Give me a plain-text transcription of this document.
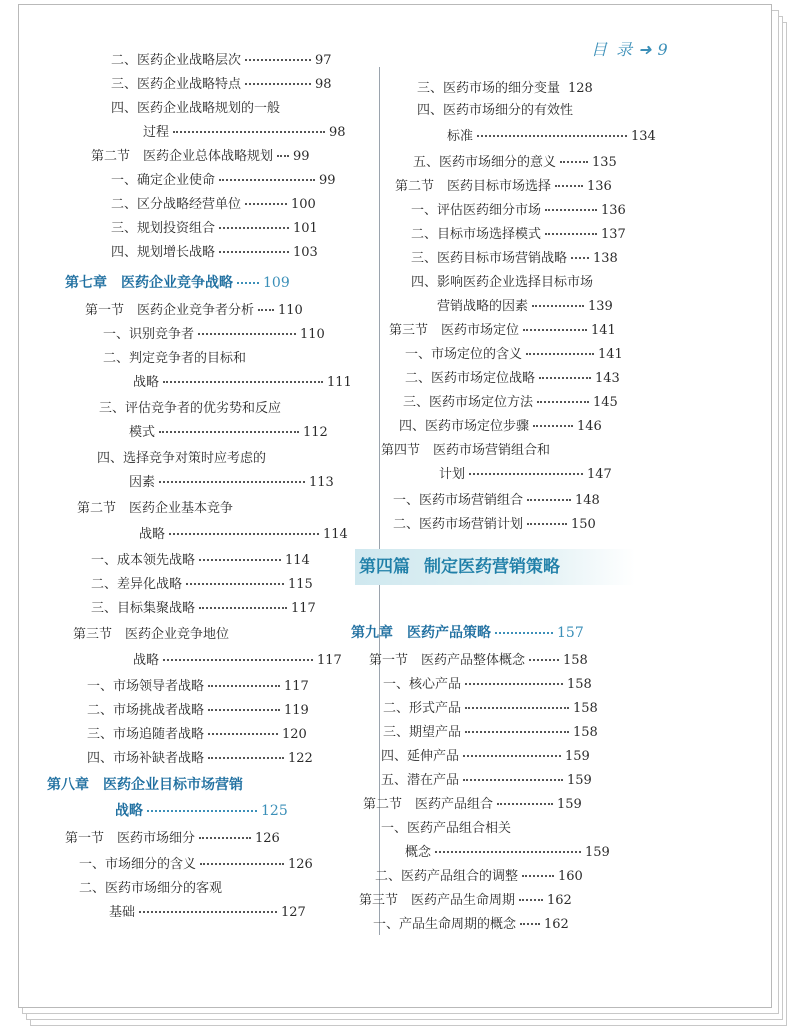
目 录 ➜ 9
二、医药企业战略层次	97
三、医药企业战略特点	98
四、医药企业战略规划的一般
过程	98
第二节　医药企业总体战略规划 99
一、确定企业使命	99
二、区分战略经营单位	100
三、规划投资组合	101
四、规划增长战略	103
第七章　医药企业竞争战略 109
第一节　医药企业竞争者分析 110
一、识别竞争者	110
二、判定竞争者的目标和
战略	111
三、评估竞争者的优劣势和反应
模式	112
四、选择竞争对策时应考虑的
因素	113
第二节　医药企业基本竞争
战略	114
一、成本领先战略	114
二、差异化战略	115
三、目标集聚战略	117
第三节　医药企业竞争地位
战略	117
一、市场领导者战略	117
二、市场挑战者战略	119
三、市场追随者战略	120
四、市场补缺者战略	122
第八章　医药企业目标市场营销
战略	125
第一节　医药市场细分	126
一、市场细分的含义	126
二、医药市场细分的客观
基础	127
三、医药市场的细分变量 128
四、医药市场细分的有效性
标准	134
五、医药市场细分的意义	135
第二节　医药目标市场选择	136
一、评估医药细分市场	136
二、目标市场选择模式	137
三、医药目标市场营销战略 138
四、影响医药企业选择目标市场
营销战略的因素	139
第三节　医药市场定位	141
一、市场定位的含义	141
二、医药市场定位战略	143
三、医药市场定位方法	145
四、医药市场定位步骤	146
第四节　医药市场营销组合和
计划	147
一、医药市场营销组合	148
二、医药市场营销计划	150
第九章　医药产品策略	157
第一节　医药产品整体概念	158
一、核心产品	158
二、形式产品	158
三、期望产品	158
四、延伸产品	159
五、潜在产品	159
第二节　医药产品组合	159
一、医药产品组合相关
概念	159
二、医药产品组合的调整	160
第三节　医药产品生命周期 162
一、产品生命周期的概念 162
第四篇 制定医药营销策略
